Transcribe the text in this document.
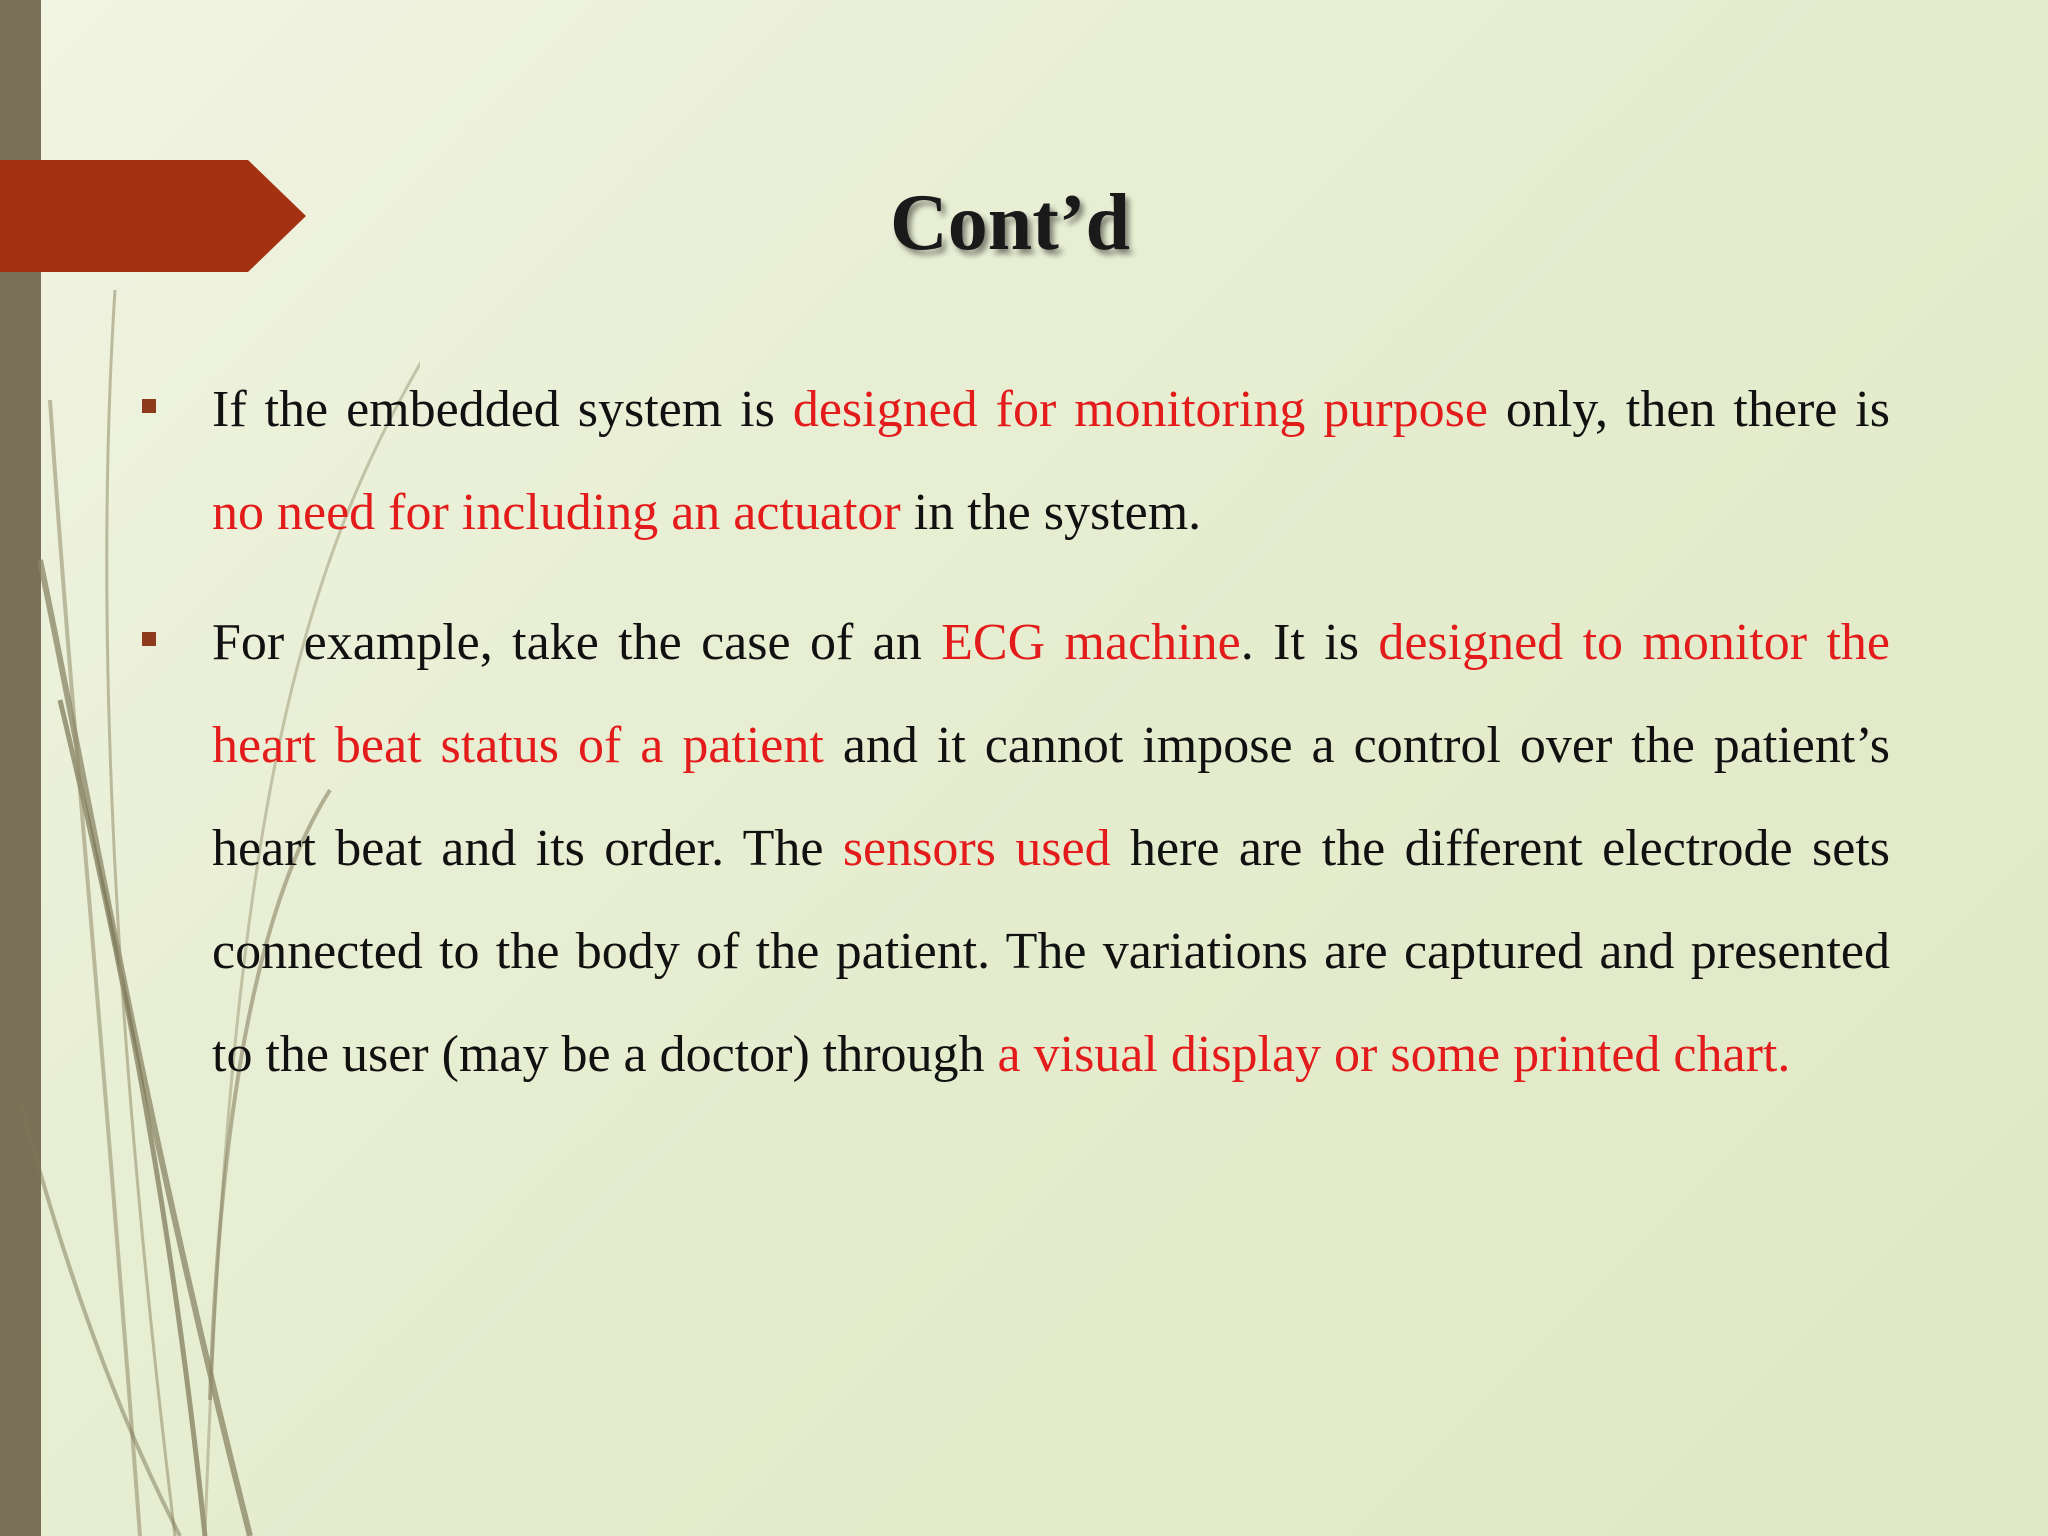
Cont’d

If the embedded system is designed for monitoring purpose only, then there is no need for including an actuator in the system.

For example, take the case of an ECG machine. It is designed to monitor the heart beat status of a patient and it cannot impose a control over the patient’s heart beat and its order. The sensors used here are the different electrode sets connected to the body of the patient. The variations are captured and presented to the user (may be a doctor) through a visual display or some printed chart.
